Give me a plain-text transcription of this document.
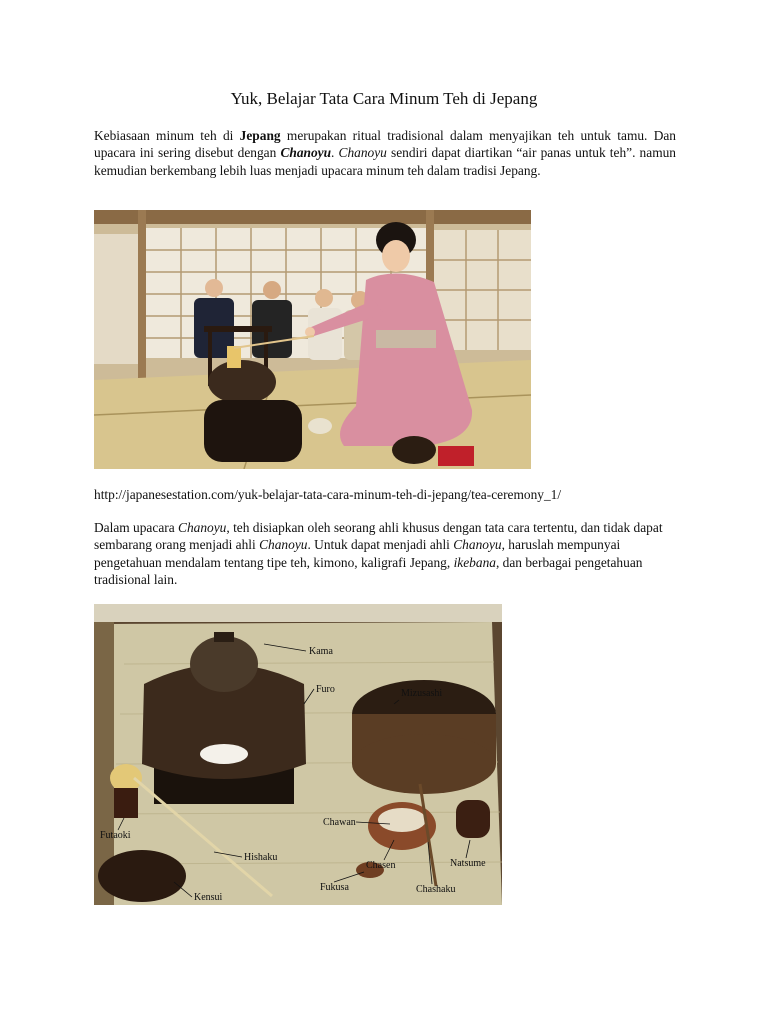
Yuk, Belajar Tata Cara Minum Teh di Jepang
Kebiasaan minum teh di Jepang merupakan ritual tradisional dalam menyajikan teh untuk tamu. Dan upacara ini sering disebut dengan Chanoyu. Chanoyu sendiri dapat diartikan “air panas untuk teh”. namun kemudian berkembang lebih luas menjadi upacara minum teh dalam tradisi Jepang.
http://japanesestation.com/yuk-belajar-tata-cara-minum-teh-di-jepang/tea-ceremony_1/
Dalam upacara Chanoyu, teh disiapkan oleh seorang ahli khusus dengan tata cara tertentu, dan tidak dapat sembarang orang menjadi ahli Chanoyu. Untuk dapat menjadi ahli Chanoyu, haruslah mempunyai pengetahuan mendalam tentang tipe teh, kimono, kaligrafi Jepang, ikebana, dan berbagai pengetahuan tradisional lain.
Kama
Furo	Mizusashi
Chawan
Futaoki
Hishaku
Chasen	Natsume
Fukusa	Chashaku
Kensui
